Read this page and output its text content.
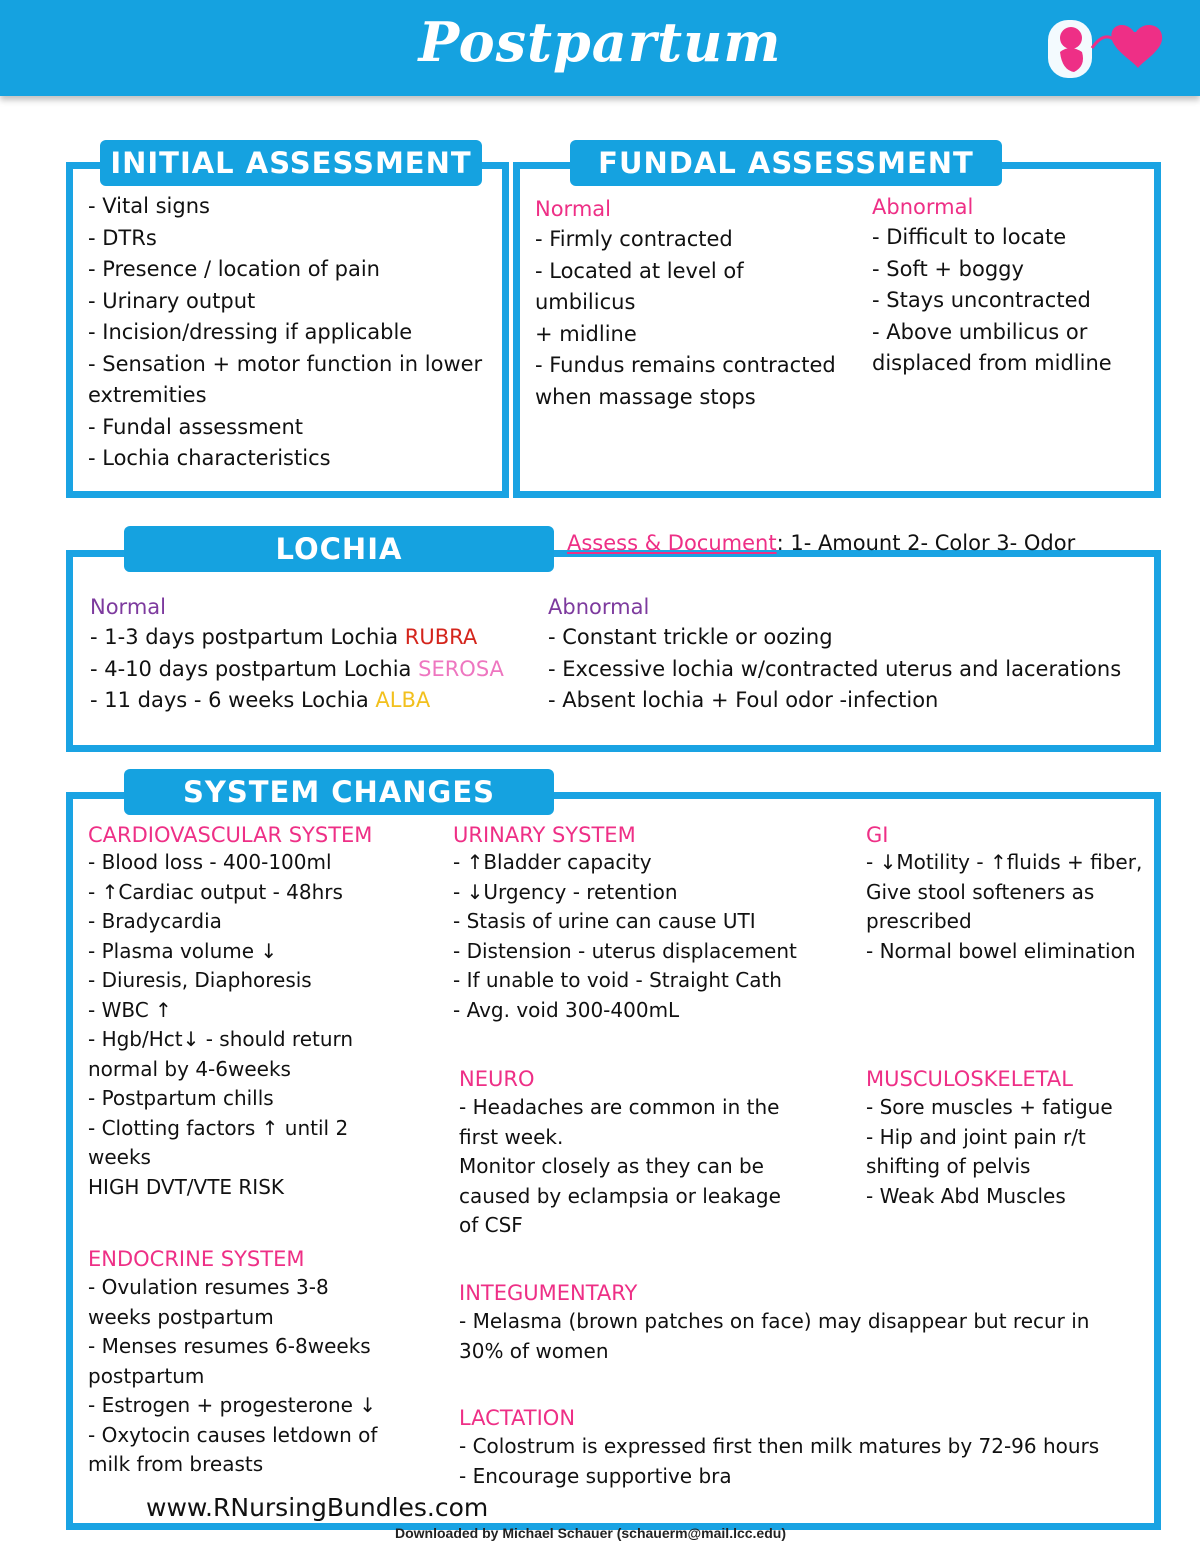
Postpartum
INITIAL ASSESSMENT
- Vital signs
- DTRs
- Presence / location of pain
- Urinary output
- Incision/dressing if applicable
- Sensation + motor function in lower
extremities
- Fundal assessment
- Lochia characteristics
FUNDAL ASSESSMENT
Normal
- Firmly contracted
- Located at level of
umbilicus
+ midline
- Fundus remains contracted
when massage stops
Abnormal
- Difficult to locate
- Soft + boggy
- Stays uncontracted
- Above umbilicus or
displaced from midline
LOCHIA CHARACTERISTICS
Assess & Document: 1- Amount 2- Color 3- Odor
Normal
- 1-3 days postpartum Lochia RUBRA
- 4-10 days postpartum Lochia SEROSA
- 11 days - 6 weeks Lochia ALBA
Abnormal
- Constant trickle or oozing
- Excessive lochia w/contracted uterus and lacerations
- Absent lochia + Foul odor -infection
SYSTEM CHANGES
CARDIOVASCULAR SYSTEM
- Blood loss - 400-100ml
- ↑Cardiac output - 48hrs
- Bradycardia
- Plasma volume ↓
- Diuresis, Diaphoresis
- WBC ↑
- Hgb/Hct↓ - should return
normal by 4-6weeks
- Postpartum chills
- Clotting factors ↑ until 2
weeks
HIGH DVT/VTE RISK
URINARY SYSTEM
- ↑Bladder capacity
- ↓Urgency - retention
- Stasis of urine can cause UTI
- Distension - uterus displacement
- If unable to void - Straight Cath
- Avg. void 300-400mL
GI
- ↓Motility - ↑fluids + fiber,
Give stool softeners as
prescribed
- Normal bowel elimination
NEURO
- Headaches are common in the
first week.
Monitor closely as they can be
caused by eclampsia or leakage
of CSF
MUSCULOSKELETAL
- Sore muscles + fatigue
- Hip and joint pain r/t
shifting of pelvis
- Weak Abd Muscles
ENDOCRINE SYSTEM
- Ovulation resumes 3-8
weeks postpartum
- Menses resumes 6-8weeks
postpartum
- Estrogen + progesterone ↓
- Oxytocin causes letdown of
milk from breasts
INTEGUMENTARY
- Melasma (brown patches on face) may disappear but recur in
30% of women
LACTATION
- Colostrum is expressed first then milk matures by 72-96 hours
- Encourage supportive bra
www.RNursingBundles.com
Downloaded by Michael Schauer (schauerm@mail.lcc.edu)
